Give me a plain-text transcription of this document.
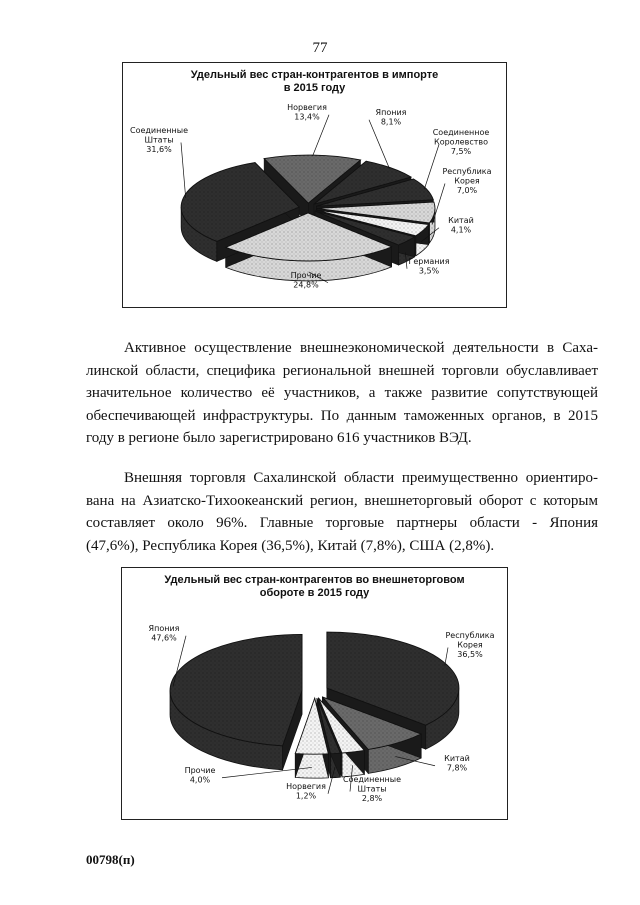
77
Удельный вес стран-контрагентов в импорте
в 2015 году
Норвегия
13,4%	Япония
8,1%
Соединенное
Королевство
7,5%
Республика
Корея
7,0%
Китай
4,1%
Германия
3,5%
Прочие
24,8%
Соединенные
Штаты
31,6%
Активное осуществление внешнеэкономической деятельности в Саха-
линской области, специфика региональной внешней торговли обуславливает
значительное количество её участников, а также развитие сопутствующей
обеспечивающей инфраструктуры. По данным таможенных органов, в 2015
году в регионе было зарегистрировано 616 участников ВЭД.
Внешняя торговля Сахалинской области преимущественно ориентиро-
вана на Азиатско-Тихоокеанский регион, внешнеторговый оборот с которым
составляет около 96%. Главные торговые партнеры области - Япония
(47,6%), Республика Корея (36,5%), Китай (7,8%), США (2,8%).
Удельный вес стран-контрагентов во внешнеторговом
обороте в 2015 году
Республика
Корея
36,5%
Китай
7,8%
Соединенные
Штаты
2,8%
Норвегия
1,2%
Прочие
4,0%
Япония
47,6%
00798(п)
